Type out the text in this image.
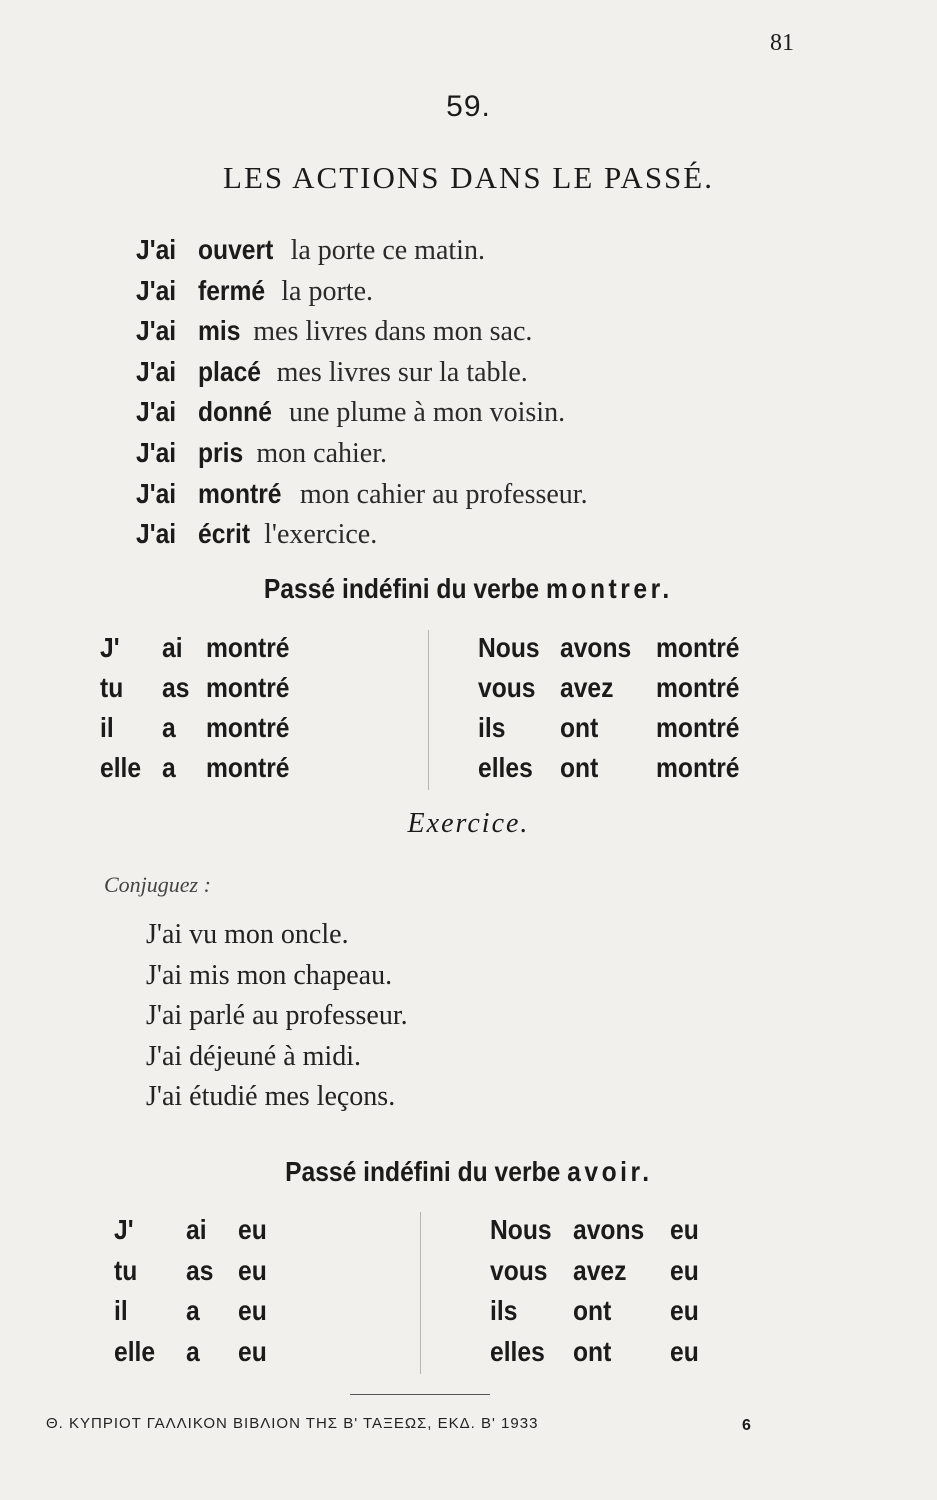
81
59.
LES ACTIONS DANS LE PASSÉ.
J'ai ouvert la porte ce matin.
J'ai fermé la porte.
J'ai mis mes livres dans mon sac.
J'ai placé mes livres sur la table.
J'ai donné une plume à mon voisin.
J'ai pris mon cahier.
J'ai montré mon cahier au professeur.
J'ai écrit l'exercice.
Passé indéfini du verbe montrer.
J' ai montré	Nous avons montré
tu as montré	vous avez montré
il a montré	ils ont montré
elle a montré	elles ont montré
Exercice.
Conjuguez :
J'ai vu mon oncle.
J'ai mis mon chapeau.
J'ai parlé au professeur.
J'ai déjeuné à midi.
J'ai étudié mes leçons.
Passé indéfini du verbe avoir.
J' ai eu	Nous avons eu
tu as eu	vous avez eu
il a eu	ils ont eu
elle a eu	elles ont eu
Θ. ΚΥΠΡΙΟΤ ΓΑΛΛΙΚΟΝ ΒΙΒΛΙΟΝ ΤΗΣ Β' ΤΑΞΕΩΣ, ΕΚΔ. Β' 1933	6
